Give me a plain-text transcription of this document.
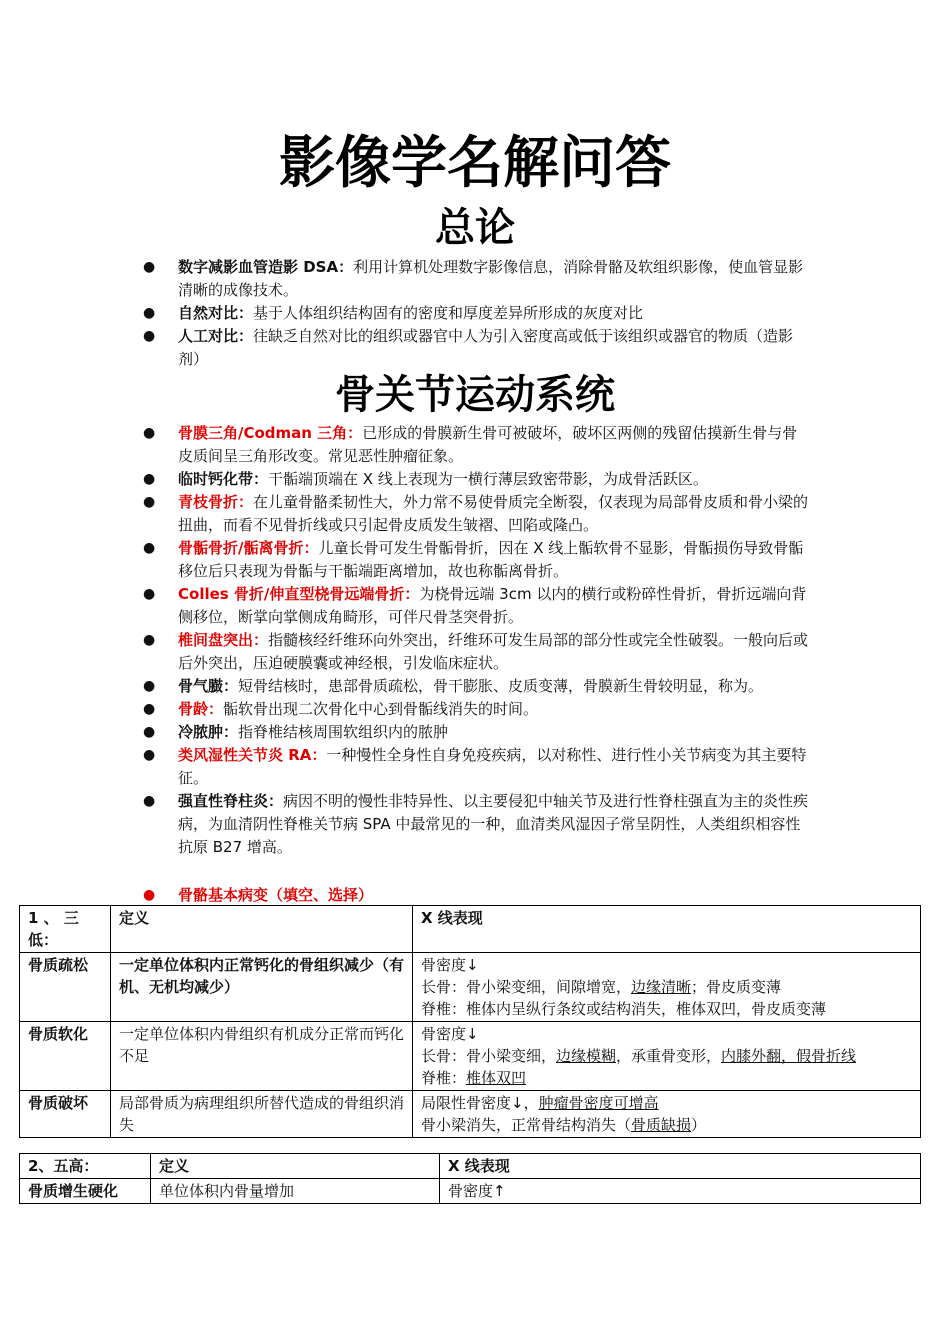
影像学名解问答
总论
● 数字减影血管造影 DSA：利用计算机处理数字影像信息，消除骨骼及软组织影像，使血管显影清晰的成像技术。
● 自然对比：基于人体组织结构固有的密度和厚度差异所形成的灰度对比
● 人工对比：往缺乏自然对比的组织或器官中人为引入密度高或低于该组织或器官的物质（造影剂）
骨关节运动系统
● 骨膜三角/Codman 三角：已形成的骨膜新生骨可被破坏，破坏区两侧的残留估摸新生骨与骨皮质间呈三角形改变。常见恶性肿瘤征象。
● 临时钙化带：干骺端顶端在 X 线上表现为一横行薄层致密带影，为成骨活跃区。
● 青枝骨折：在儿童骨骼柔韧性大，外力常不易使骨质完全断裂，仅表现为局部骨皮质和骨小梁的扭曲，而看不见骨折线或只引起骨皮质发生皱褶、凹陷或隆凸。
● 骨骺骨折/骺离骨折：儿童长骨可发生骨骺骨折，因在 X 线上骺软骨不显影，骨骺损伤导致骨骺移位后只表现为骨骺与干骺端距离增加，故也称骺离骨折。
● Colles 骨折/伸直型桡骨远端骨折：为桡骨远端 3cm 以内的横行或粉碎性骨折，骨折远端向背侧移位，断掌向掌侧成角畸形，可伴尺骨茎突骨折。
● 椎间盘突出：指髓核经纤维环向外突出，纤维环可发生局部的部分性或完全性破裂。一般向后或后外突出，压迫硬膜囊或神经根，引发临床症状。
● 骨气臌：短骨结核时，患部骨质疏松，骨干膨胀、皮质变薄，骨膜新生骨较明显，称为。
● 骨龄：骺软骨出现二次骨化中心到骨骺线消失的时间。
● 冷脓肿：指脊椎结核周围软组织内的脓肿
● 类风湿性关节炎 RA：一种慢性全身性自身免疫疾病，以对称性、进行性小关节病变为其主要特征。
● 强直性脊柱炎：病因不明的慢性非特异性、以主要侵犯中轴关节及进行性脊柱强直为主的炎性疾病，为血清阴性脊椎关节病 SPA 中最常见的一种，血清类风湿因子常呈阴性，人类组织相容性抗原 B27 增高。
● 骨骼基本病变（填空、选择）
1 、 三低：	定义	X 线表现
骨质疏松	一定单位体积内正常钙化的骨组织减少（有机、无机均减少）	骨密度↓
长骨：骨小梁变细，间隙增宽，边缘清晰；骨皮质变薄
脊椎：椎体内呈纵行条纹或结构消失，椎体双凹，骨皮质变薄

骨质软化	一定单位体积内骨组织有机成分正常而钙化不足	骨密度↓
长骨：骨小梁变细，边缘模糊，承重骨变形，内膝外翻，假骨折线
脊椎：椎体双凹

骨质破坏	局部骨质为病理组织所替代造成的骨组织消失	局限性骨密度↓，肿瘤骨密度可增高
骨小梁消失，正常骨结构消失（骨质缺损）
2、五高：	定义	X 线表现
骨质增生硬化	单位体积内骨量增加	骨密度↑
